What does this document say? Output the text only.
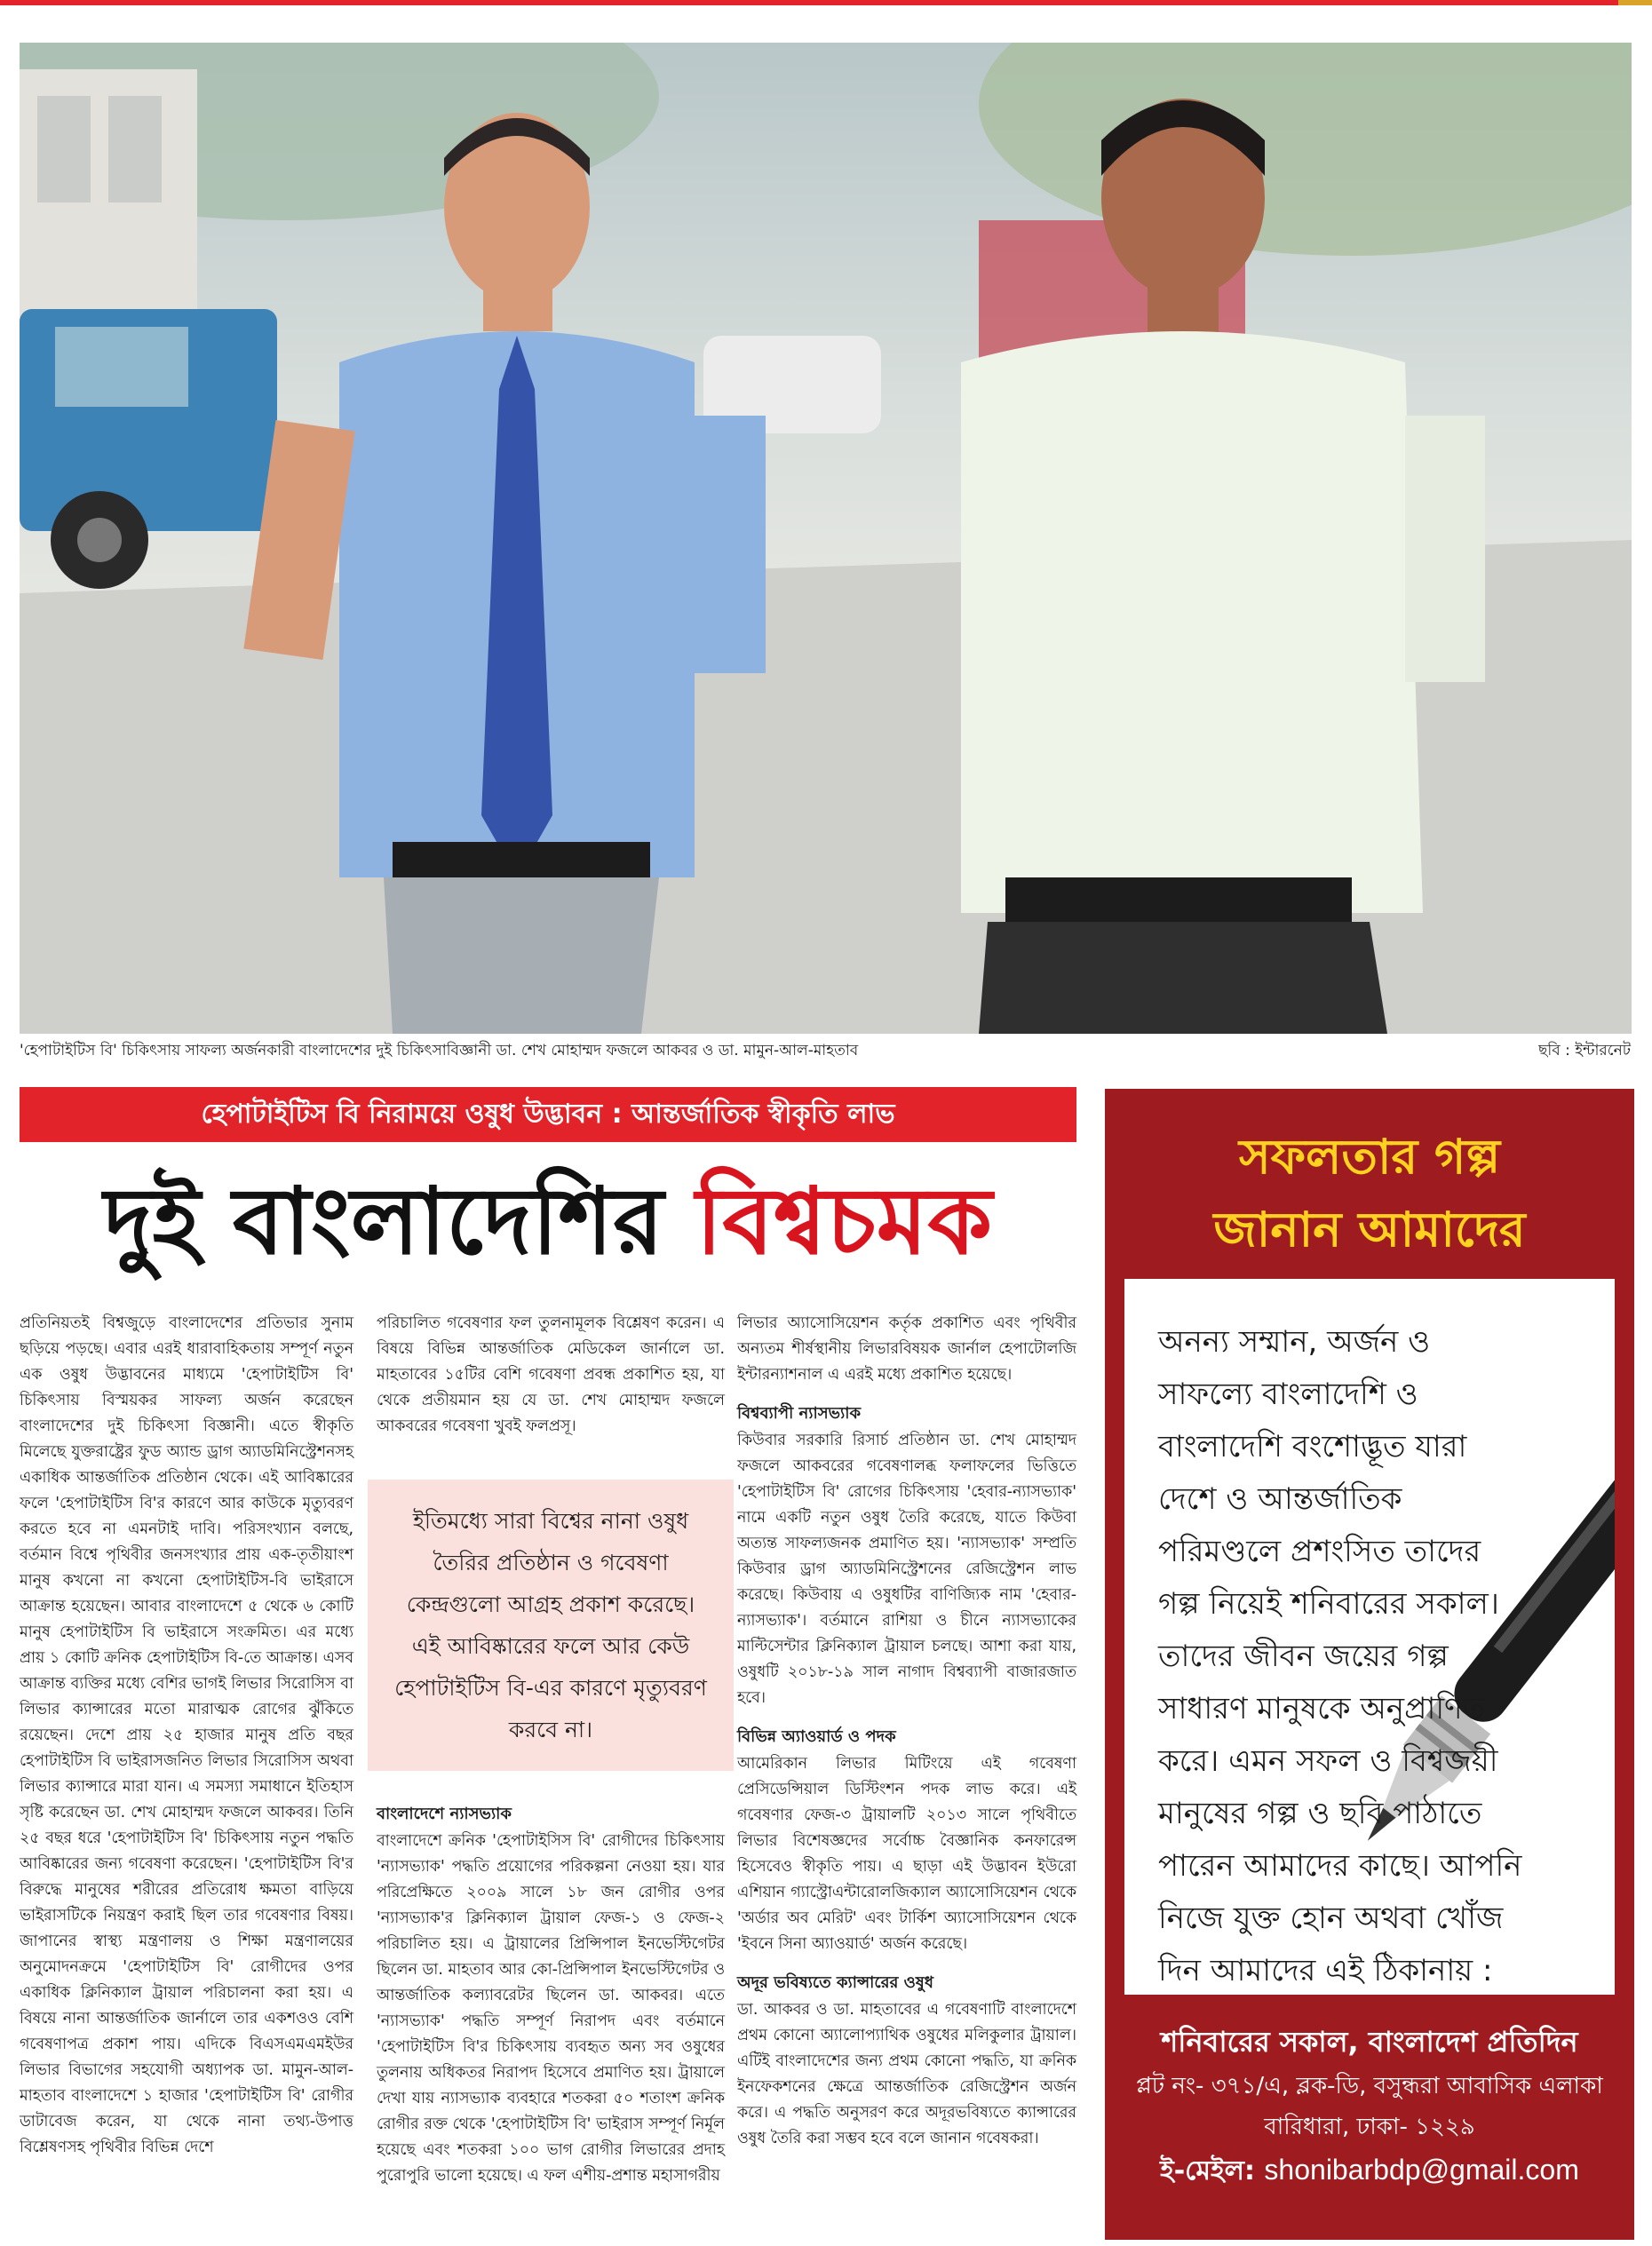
'হেপাটাইটিস বি' চিকিৎসায় সাফল্য অর্জনকারী বাংলাদেশের দুই চিকিৎসাবিজ্ঞানী ডা. শেখ মোহাম্মদ ফজলে আকবর ও ডা. মামুন-আল-মাহতাব	ছবি : ইন্টারনেট
হেপাটাইটিস বি নিরাময়ে ওষুধ উদ্ভাবন : আন্তর্জাতিক স্বীকৃতি লাভ
দুই বাংলাদেশির বিশ্বচমক

প্রতিনিয়তই বিশ্বজুড়ে বাংলাদেশের প্রতিভার সুনাম ছড়িয়ে পড়ছে। এবার এরই ধারাবাহিকতায় সম্পূর্ণ নতুন এক ওষুধ উদ্ভাবনের মাধ্যমে 'হেপাটাইটিস বি' চিকিৎসায় বিস্ময়কর সাফল্য অর্জন করেছেন বাংলাদেশের দুই চিকিৎসা বিজ্ঞানী। এতে স্বীকৃতি মিলেছে যুক্তরাষ্ট্রের ফুড অ্যান্ড ড্রাগ অ্যাডমিনিস্ট্রেশনসহ একাধিক আন্তর্জাতিক প্রতিষ্ঠান থেকে। এই আবিষ্কারের ফলে 'হেপাটাইটিস বি'র কারণে আর কাউকে মৃত্যুবরণ করতে হবে না এমনটাই দাবি। পরিসংখ্যান বলছে, বর্তমান বিশ্বে পৃথিবীর জনসংখ্যার প্রায় এক-তৃতীয়াংশ মানুষ কখনো না কখনো হেপাটাইটিস-বি ভাইরাসে আক্রান্ত হয়েছেন। আবার বাংলাদেশে ৫ থেকে ৬ কোটি মানুষ হেপাটাইটিস বি ভাইরাসে সংক্রমিত। এর মধ্যে প্রায় ১ কোটি ক্রনিক হেপাটাইটিস বি-তে আক্রান্ত। এসব আক্রান্ত ব্যক্তির মধ্যে বেশির ভাগই লিভার সিরোসিস বা লিভার ক্যান্সারের মতো মারাত্মক রোগের ঝুঁকিতে রয়েছেন। দেশে প্রায় ২৫ হাজার মানুষ প্রতি বছর হেপাটাইটিস বি ভাইরাসজনিত লিভার সিরোসিস অথবা লিভার ক্যান্সারে মারা যান। এ সমস্যা সমাধানে ইতিহাস সৃষ্টি করেছেন ডা. শেখ মোহাম্মদ ফজলে আকবর। তিনি ২৫ বছর ধরে 'হেপাটাইটিস বি' চিকিৎসায় নতুন পদ্ধতি আবিষ্কারের জন্য গবেষণা করেছেন। 'হেপাটাইটিস বি'র বিরুদ্ধে মানুষের শরীরের প্রতিরোধ ক্ষমতা বাড়িয়ে ভাইরাসটিকে নিয়ন্ত্রণ করাই ছিল তার গবেষণার বিষয়। জাপানের স্বাস্থ্য মন্ত্রণালয় ও শিক্ষা মন্ত্রণালয়ের অনুমোদনক্রমে 'হেপাটাইটিস বি' রোগীদের ওপর একাধিক ক্লিনিক্যাল ট্রায়াল পরিচালনা করা হয়। এ বিষয়ে নানা আন্তর্জাতিক জার্নালে তার একশওও বেশি গবেষণাপত্র প্রকাশ পায়। এদিকে বিএসএমএমইউর লিভার বিভাগের সহযোগী অধ্যাপক ডা. মামুন-আল-মাহতাব বাংলাদেশে ১ হাজার 'হেপাটাইটিস বি' রোগীর ডাটাবেজ করেন, যা থেকে নানা তথ্য-উপাত্ত বিশ্লেষণসহ পৃথিবীর বিভিন্ন দেশে

পরিচালিত গবেষণার ফল তুলনামূলক বিশ্লেষণ করেন। এ বিষয়ে বিভিন্ন আন্তর্জাতিক মেডিকেল জার্নালে ডা. মাহতাবের ১৫টির বেশি গবেষণা প্রবন্ধ প্রকাশিত হয়, যা থেকে প্রতীয়মান হয় যে ডা. শেখ মোহাম্মদ ফজলে আকবরের গবেষণা খুবই ফলপ্রসূ।

ইতিমধ্যে সারা বিশ্বের নানা ওষুধ তৈরির প্রতিষ্ঠান ও গবেষণা কেন্দ্রগুলো আগ্রহ প্রকাশ করেছে। এই আবিষ্কারের ফলে আর কেউ হেপাটাইটিস বি-এর কারণে মৃত্যুবরণ করবে না।

বাংলাদেশে ন্যাসভ্যাক

বাংলাদেশে ক্রনিক 'হেপাটাইসিস বি' রোগীদের চিকিৎসায় 'ন্যাসভ্যাক' পদ্ধতি প্রয়োগের পরিকল্পনা নেওয়া হয়। যার পরিপ্রেক্ষিতে ২০০৯ সালে ১৮ জন রোগীর ওপর 'ন্যাসভ্যাক'র ক্লিনিক্যাল ট্রায়াল ফেজ-১ ও ফেজ-২ পরিচালিত হয়। এ ট্রায়ালের প্রিন্সিপাল ইনভেস্টিগেটর ছিলেন ডা. মাহতাব আর কো-প্রিন্সিপাল ইনভেস্টিগেটর ও আন্তর্জাতিক কল্যাবরেটর ছিলেন ডা. আকবর। এতে 'ন্যাসভ্যাক' পদ্ধতি সম্পূর্ণ নিরাপদ এবং বর্তমানে 'হেপাটাইটিস বি'র চিকিৎসায় ব্যবহৃত অন্য সব ওষুধের তুলনায় অধিকতর নিরাপদ হিসেবে প্রমাণিত হয়। ট্রায়ালে দেখা যায় ন্যাসভ্যাক ব্যবহারে শতকরা ৫০ শতাংশ ক্রনিক রোগীর রক্ত থেকে 'হেপাটাইটিস বি' ভাইরাস সম্পূর্ণ নির্মূল হয়েছে এবং শতকরা ১০০ ভাগ রোগীর লিভারের প্রদাহ পুরোপুরি ভালো হয়েছে। এ ফল এশীয়-প্রশান্ত মহাসাগরীয়

লিভার অ্যাসোসিয়েশন কর্তৃক প্রকাশিত এবং পৃথিবীর অন্যতম শীর্ষস্থানীয় লিভারবিষয়ক জার্নাল হেপাটোলজি ইন্টারন্যাশনাল এ এরই মধ্যে প্রকাশিত হয়েছে।

বিশ্বব্যাপী ন্যাসভ্যাক

কিউবার সরকারি রিসার্চ প্রতিষ্ঠান ডা. শেখ মোহাম্মদ ফজলে আকবরের গবেষণালব্ধ ফলাফলের ভিত্তিতে 'হেপাটাইটিস বি' রোগের চিকিৎসায় 'হেবার-ন্যাসভ্যাক' নামে একটি নতুন ওষুধ তৈরি করেছে, যাতে কিউবা অত্যন্ত সাফল্যজনক প্রমাণিত হয়। 'ন্যাসভ্যাক' সম্প্রতি কিউবার ড্রাগ অ্যাডমিনিস্ট্রেশনের রেজিস্ট্রেশন লাভ করেছে। কিউবায় এ ওষুধটির বাণিজ্যিক নাম 'হেবার-ন্যাসভ্যাক'। বর্তমানে রাশিয়া ও চীনে ন্যাসভ্যাকের মাল্টিসেন্টার ক্লিনিক্যাল ট্রায়াল চলছে। আশা করা যায়, ওষুধটি ২০১৮-১৯ সাল নাগাদ বিশ্বব্যাপী বাজারজাত হবে।

বিভিন্ন অ্যাওয়ার্ড ও পদক

আমেরিকান লিভার মিটিংয়ে এই গবেষণা প্রেসিডেন্সিয়াল ডিস্টিংশন পদক লাভ করে। এই গবেষণার ফেজ-৩ ট্রায়ালটি ২০১৩ সালে পৃথিবীতে লিভার বিশেষজ্ঞদের সর্বোচ্চ বৈজ্ঞানিক কনফারেন্স হিসেবেও স্বীকৃতি পায়। এ ছাড়া এই উদ্ভাবন ইউরো এশিয়ান গ্যাস্ট্রোএন্টারোলজিক্যাল অ্যাসোসিয়েশন থেকে 'অর্ডার অব মেরিট' এবং টার্কিশ অ্যাসোসিয়েশন থেকে 'ইবনে সিনা অ্যাওয়ার্ড' অর্জন করেছে।

অদূর ভবিষ্যতে ক্যান্সারের ওষুধ

ডা. আকবর ও ডা. মাহতাবের এ গবেষণাটি বাংলাদেশে প্রথম কোনো অ্যালোপ্যাথিক ওষুধের মলিকুলার ট্রায়াল। এটিই বাংলাদেশের জন্য প্রথম কোনো পদ্ধতি, যা ক্রনিক ইনফেকশনের ক্ষেত্রে আন্তর্জাতিক রেজিস্ট্রেশন অর্জন করে। এ পদ্ধতি অনুসরণ করে অদূরভবিষ্যতে ক্যান্সারের ওষুধ তৈরি করা সম্ভব হবে বলে জানান গবেষকরা।

সফলতার গল্প
জানান আমাদের
অনন্য সম্মান, অর্জন ও সাফল্যে বাংলাদেশি ও বাংলাদেশি বংশোদ্ভূত যারা দেশে ও আন্তর্জাতিক পরিমণ্ডলে প্রশংসিত তাদের গল্প নিয়েই শনিবারের সকাল। তাদের জীবন জয়ের গল্প সাধারণ মানুষকে অনুপ্রাণিত করে। এমন সফল ও বিশ্বজয়ী মানুষের গল্প ও ছবি পাঠাতে পারেন আমাদের কাছে। আপনি নিজে যুক্ত হোন অথবা খোঁজ দিন আমাদের এই ঠিকানায় :
শনিবারের সকাল, বাংলাদেশ প্রতিদিন
প্লট নং- ৩৭১/এ, ব্লক-ডি, বসুন্ধরা আবাসিক এলাকা
বারিধারা, ঢাকা- ১২২৯
ই-মেইল: shonibarbdp@gmail.com
